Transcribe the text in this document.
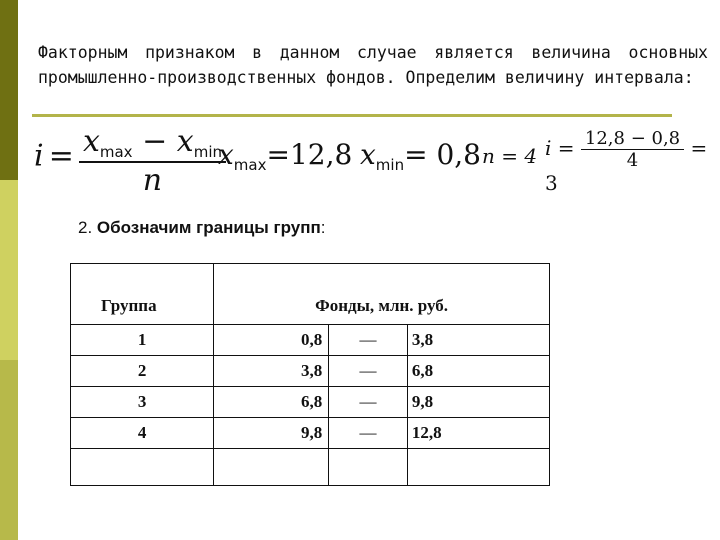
Факторным признаком в данном случае является величина основных промышленно-производственных фондов. Определим величину интервала:
$i = \frac{x_{max} - x_{min}}{n}$
$x_{max}=12,8$ $x_{min}= 0,8$ n = 4 $i = \frac{12,8 - 0,8}{4} = 3$
2. Обозначим границы групп:
Группа	Фонды, млн. руб.		
1	0,8	—	3,8
2	3,8	—	6,8
3	6,8	—	9,8
4	9,8	—	12,8
